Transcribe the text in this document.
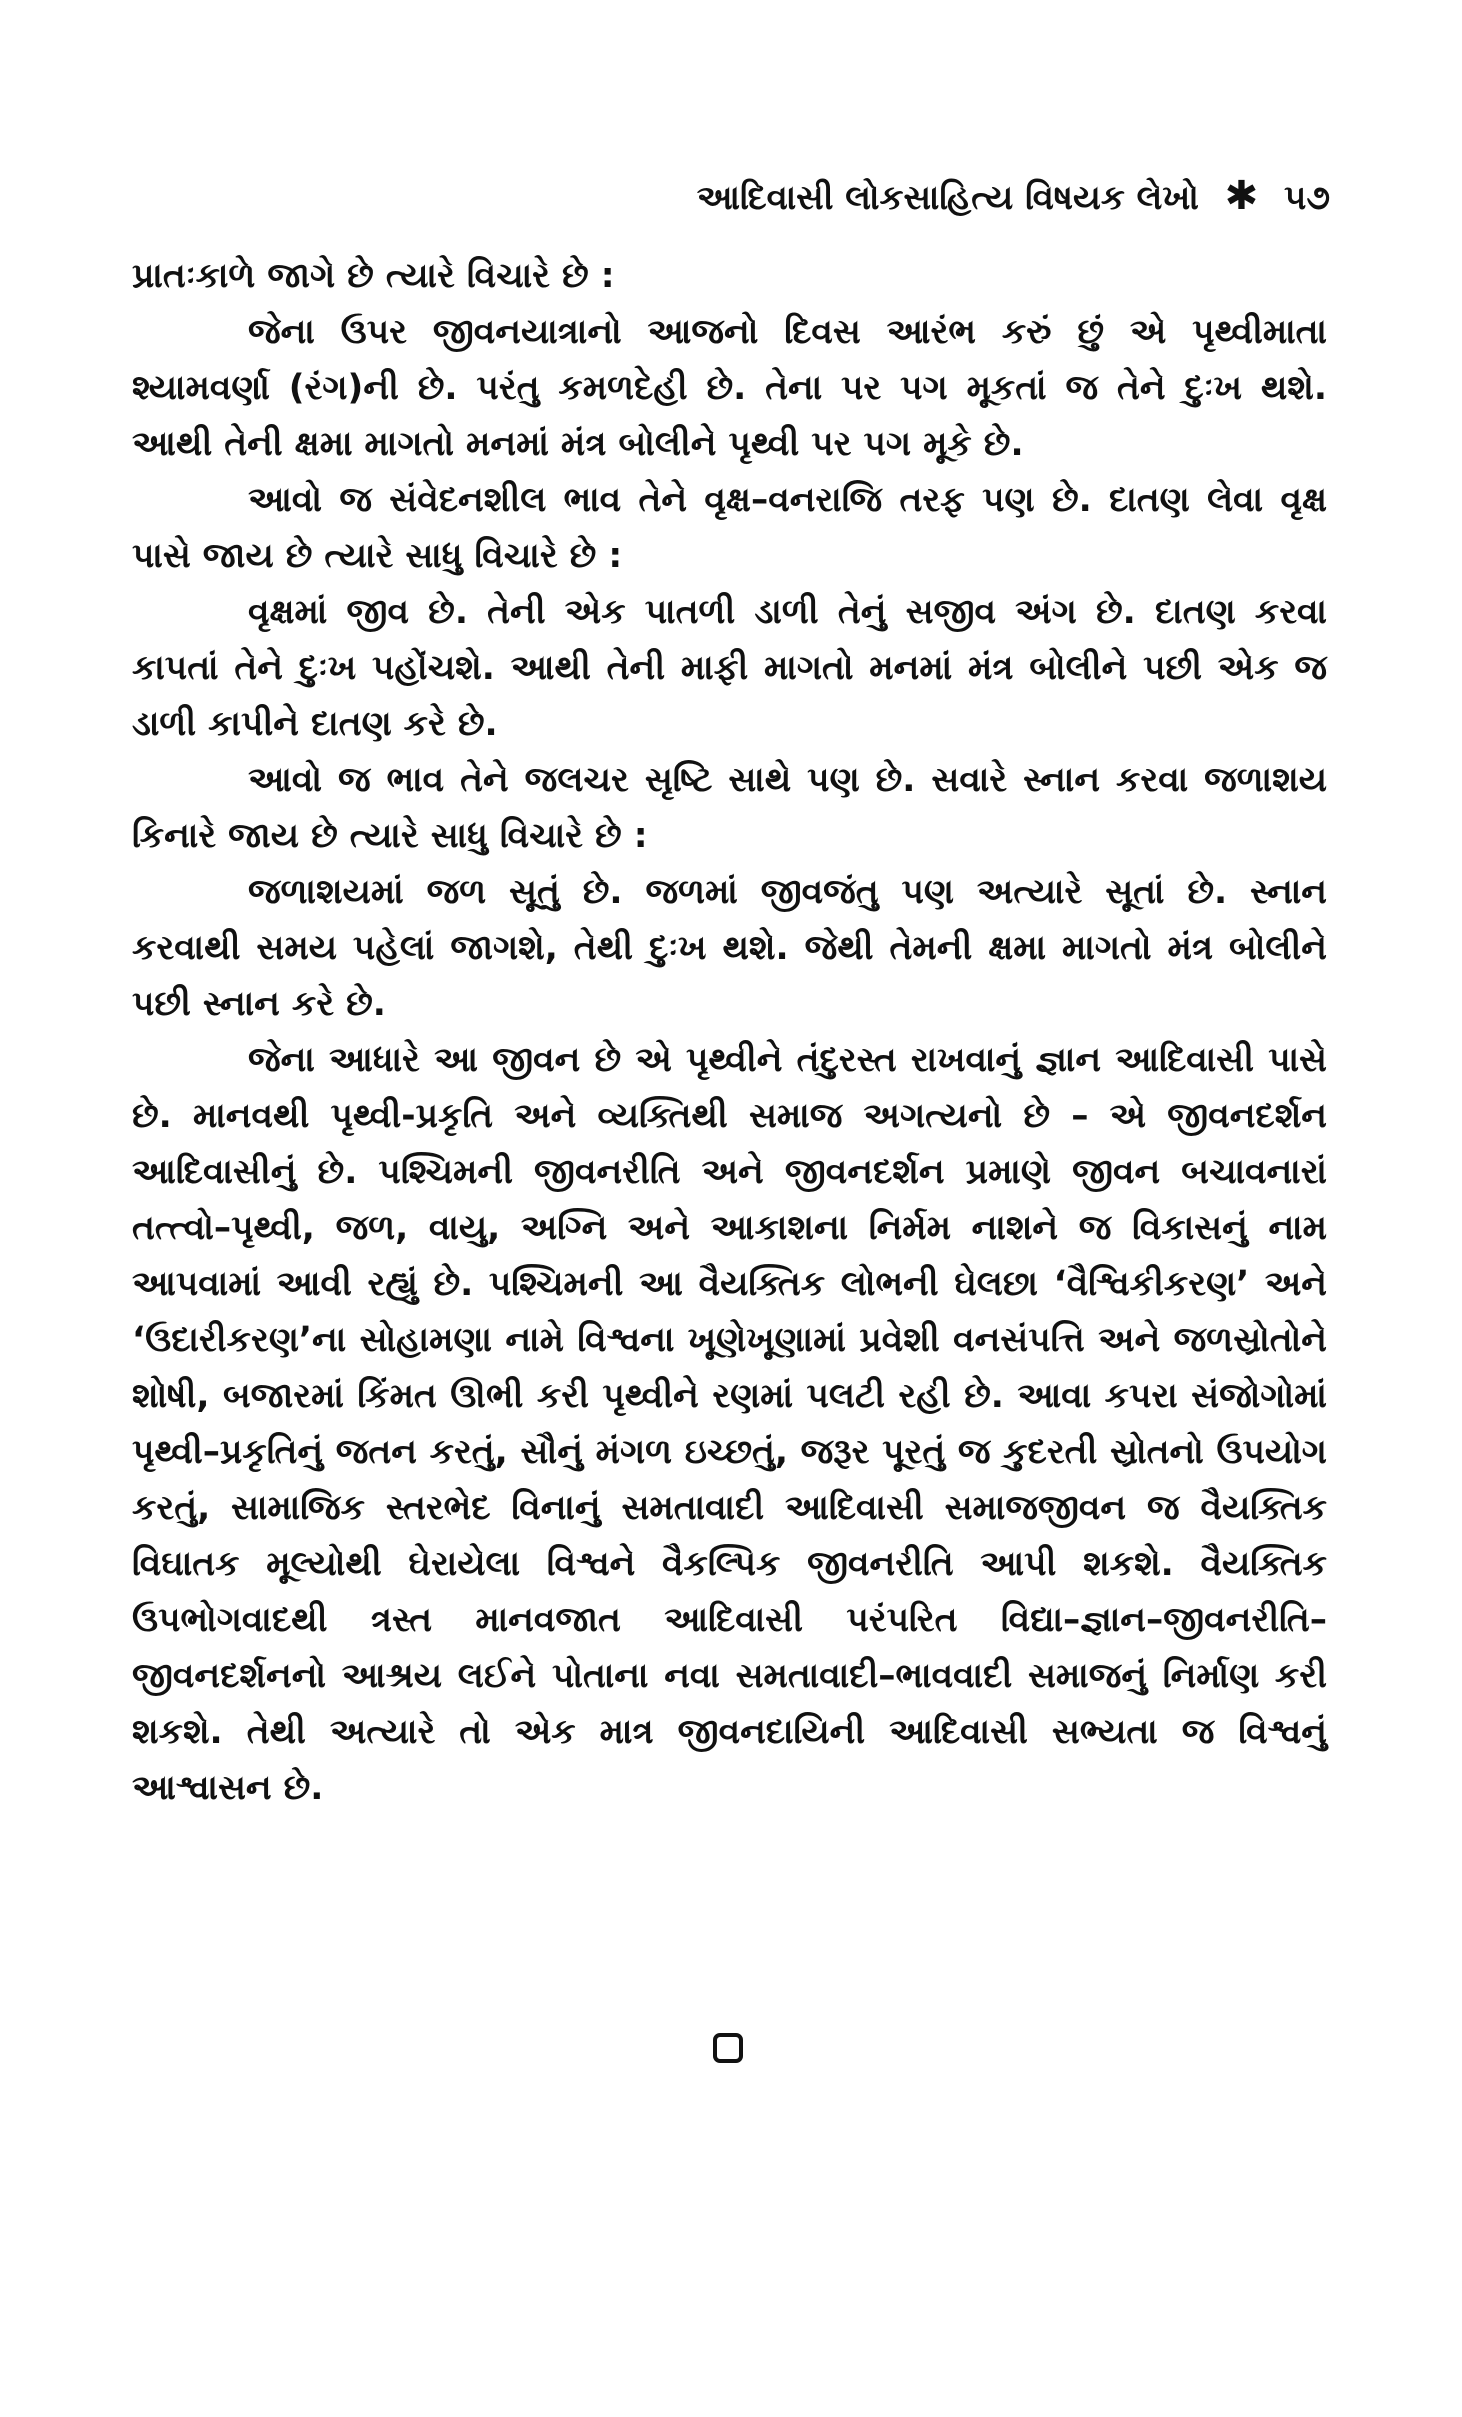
આદિવાસી લોકસાહિત્ય વિષયક લેખો ✱ ૫૭

પ્રાતઃકાળે જાગે છે ત્યારે વિચારે છે :

જેના ઉપર જીવનયાત્રાનો આજનો દિવસ આરંભ કરું છું એ પૃથ્વીમાતા શ્યામવર્ણા (રંગ)ની છે. પરંતુ કમળદેહી છે. તેના પર પગ મૂકતાં જ તેને દુઃખ થશે. આથી તેની ક્ષમા માગતો મનમાં મંત્ર બોલીને પૃથ્વી પર પગ મૂકે છે.

આવો જ સંવેદનશીલ ભાવ તેને વૃક્ષ–વનરાજિ તરફ પણ છે. દાતણ લેવા વૃક્ષ પાસે જાય છે ત્યારે સાધુ વિચારે છે :

વૃક્ષમાં જીવ છે. તેની એક પાતળી ડાળી તેનું સજીવ અંગ છે. દાતણ કરવા કાપતાં તેને દુઃખ પહોંચશે. આથી તેની માફી માગતો મનમાં મંત્ર બોલીને પછી એક જ ડાળી કાપીને દાતણ કરે છે.

આવો જ ભાવ તેને જલચર સૃષ્ટિ સાથે પણ છે. સવારે સ્નાન કરવા જળાશય કિનારે જાય છે ત્યારે સાધુ વિચારે છે :

જળાશયમાં જળ સૂતું છે. જળમાં જીવજંતુ પણ અત્યારે સૂતાં છે. સ્નાન કરવાથી સમય પહેલાં જાગશે, તેથી દુઃખ થશે. જેથી તેમની ક્ષમા માગતો મંત્ર બોલીને પછી સ્નાન કરે છે.

જેના આધારે આ જીવન છે એ પૃથ્વીને તંદુરસ્ત રાખવાનું જ્ઞાન આદિવાસી પાસે છે. માનવથી પૃથ્વી-પ્રકૃતિ અને વ્યક્તિથી સમાજ અગત્યનો છે – એ જીવનદર્શન આદિવાસીનું છે. પશ્ચિમની જીવનરીતિ અને જીવનદર્શન પ્રમાણે જીવન બચાવનારાં તત્ત્વો–પૃથ્વી, જળ, વાયુ, અગ્નિ અને આકાશના નિર્મમ નાશને જ વિકાસનું નામ આપવામાં આવી રહ્યું છે. પશ્ચિમની આ વૈયક્તિક લોભની ઘેલછા ‘વૈશ્વિકીકરણ’ અને ‘ઉદારીકરણ’ના સોહામણા નામે વિશ્વના ખૂણેખૂણામાં પ્રવેશી વનસંપત્તિ અને જળસ્રોતોને શોષી, બજારમાં કિંમત ઊભી કરી પૃથ્વીને રણમાં પલટી રહી છે. આવા કપરા સંજોગોમાં પૃથ્વી–પ્રકૃતિનું જતન કરતું, સૌનું મંગળ ઇચ્છતું, જરૂર પૂરતું જ કુદરતી સ્રોતનો ઉપયોગ કરતું, સામાજિક સ્તરભેદ વિનાનું સમતાવાદી આદિવાસી સમાજજીવન જ વૈયક્તિક વિઘાતક મૂલ્યોથી ઘેરાયેલા વિશ્વને વૈકલ્પિક જીવનરીતિ આપી શકશે. વૈયક્તિક ઉપભોગવાદથી ત્રસ્ત માનવજાત આદિવાસી પરંપરિત વિદ્યા–જ્ઞાન–જીવનરીતિ–જીવનદર્શનનો આશ્રય લઈને પોતાના નવા સમતાવાદી–ભાવવાદી સમાજનું નિર્માણ કરી શકશે. તેથી અત્યારે તો એક માત્ર જીવનદાયિની આદિવાસી સભ્યતા જ વિશ્વનું આશ્વાસન છે.
